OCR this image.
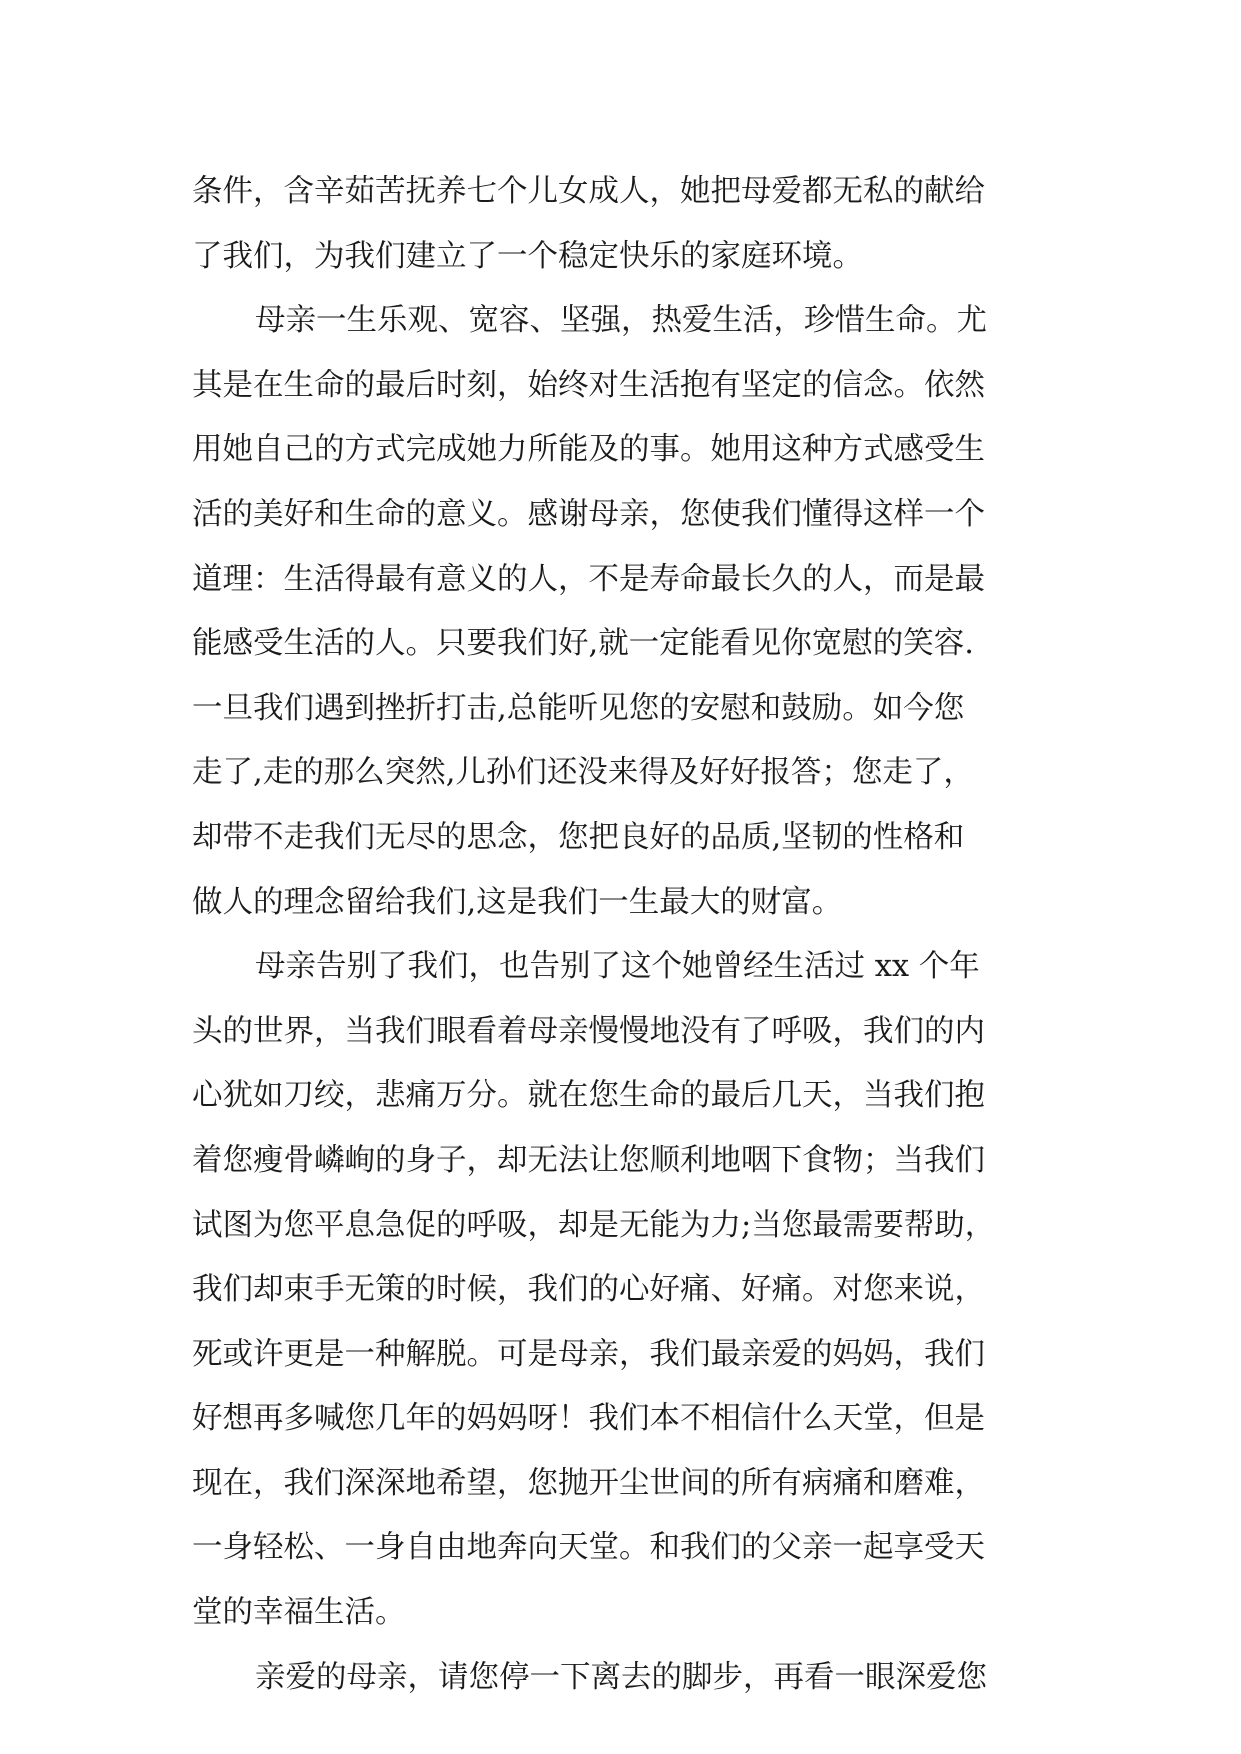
条件，含辛茹苦抚养七个儿女成人，她把母爱都无私的献给
了我们，为我们建立了一个稳定快乐的家庭环境。
母亲一生乐观、宽容、坚强，热爱生活，珍惜生命。尤
其是在生命的最后时刻，始终对生活抱有坚定的信念。依然
用她自己的方式完成她力所能及的事。她用这种方式感受生
活的美好和生命的意义。感谢母亲，您使我们懂得这样一个
道理：生活得最有意义的人，不是寿命最长久的人，而是最
能感受生活的人。只要我们好,就一定能看见你宽慰的笑容.
一旦我们遇到挫折打击,总能听见您的安慰和鼓励。如今您
走了,走的那么突然,儿孙们还没来得及好好报答；您走了，
却带不走我们无尽的思念，您把良好的品质,坚韧的性格和
做人的理念留给我们,这是我们一生最大的财富。
母亲告别了我们，也告别了这个她曾经生活过 xx 个年
头的世界，当我们眼看着母亲慢慢地没有了呼吸，我们的内
心犹如刀绞，悲痛万分。就在您生命的最后几天，当我们抱
着您瘦骨嶙峋的身子，却无法让您顺利地咽下食物；当我们
试图为您平息急促的呼吸，却是无能为力;当您最需要帮助，
我们却束手无策的时候，我们的心好痛、好痛。对您来说，
死或许更是一种解脱。可是母亲，我们最亲爱的妈妈，我们
好想再多喊您几年的妈妈呀！我们本不相信什么天堂，但是
现在，我们深深地希望，您抛开尘世间的所有病痛和磨难，
一身轻松、一身自由地奔向天堂。和我们的父亲一起享受天
堂的幸福生活。
亲爱的母亲，请您停一下离去的脚步，再看一眼深爱您
